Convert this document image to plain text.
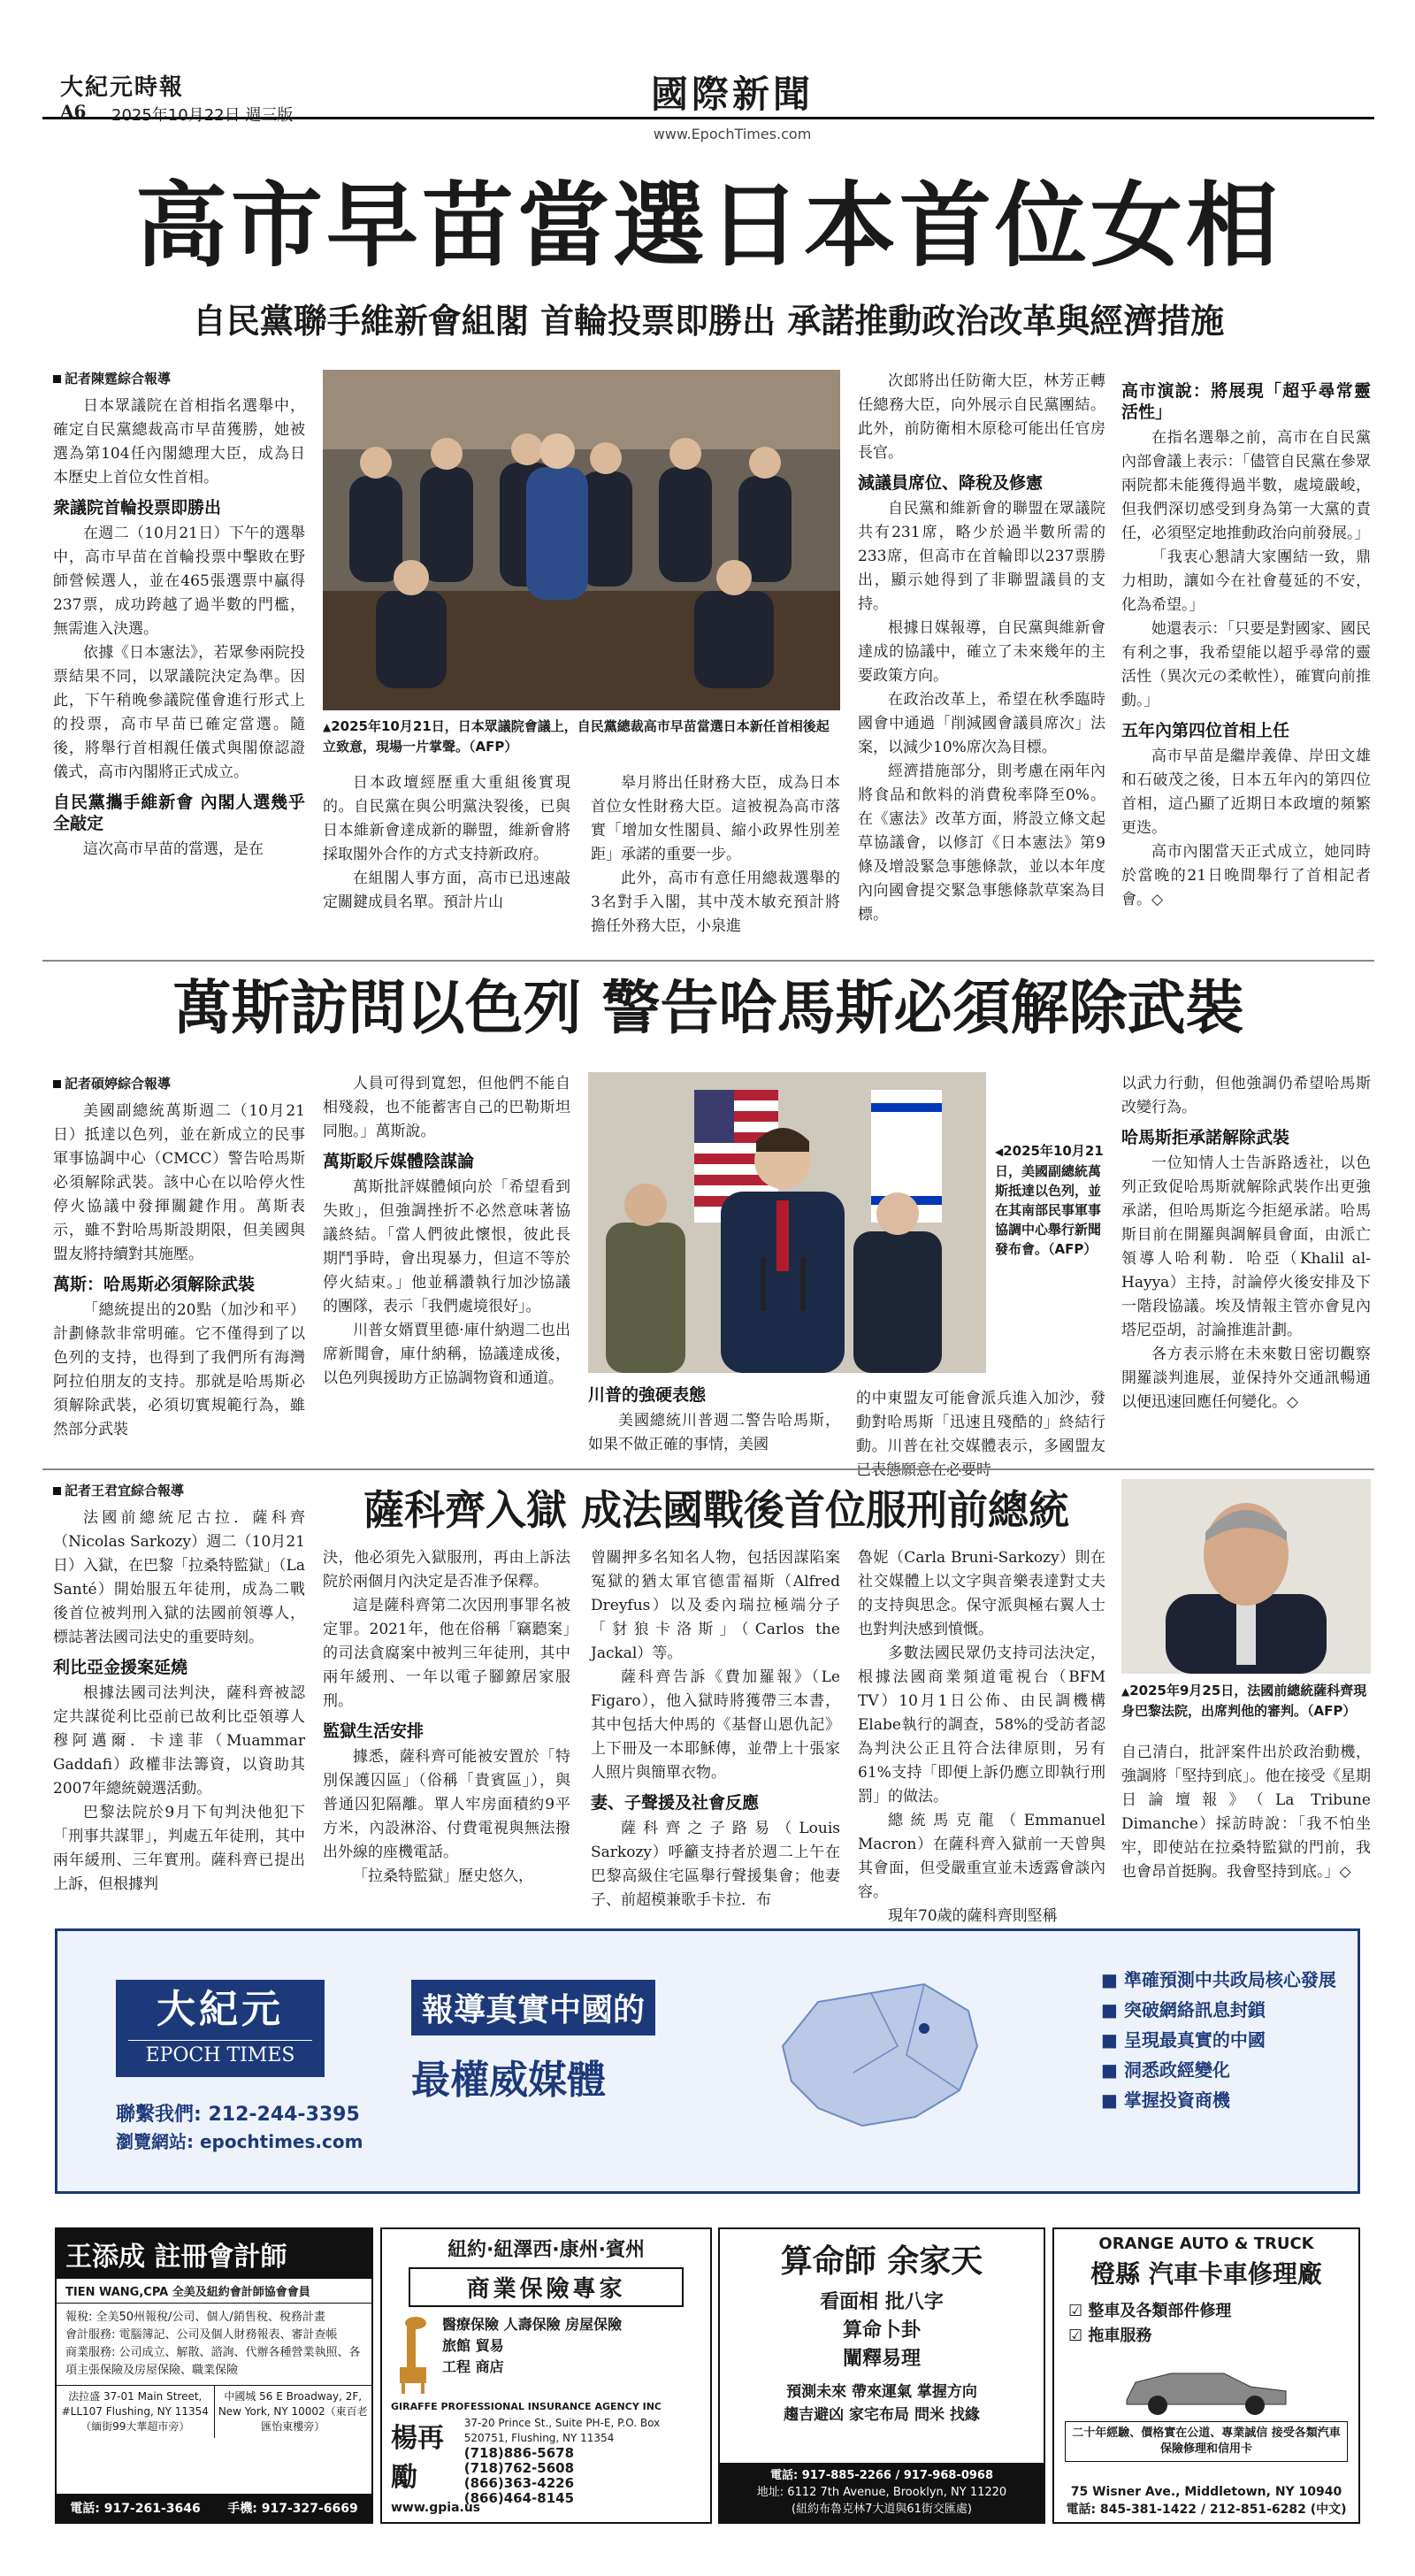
大紀元時報
A6 2025年10月22日 週三版	國際新聞
www.EpochTimes.com
高市早苗當選日本首位女相
自民黨聯手維新會組閣 首輪投票即勝出 承諾推動政治改革與經濟措施
記者陳霆綜合報導

日本眾議院在首相指名選舉中，確定自民黨總裁高市早苗獲勝，她被選為第104任內閣總理大臣，成為日本歷史上首位女性首相。

衆議院首輪投票即勝出

在週二（10月21日）下午的選舉中，高市早苗在首輪投票中擊敗在野師營候選人，並在465張選票中贏得237票，成功跨越了過半數的門檻，無需進入決選。

依據《日本憲法》，若眾參兩院投票結果不同，以眾議院決定為準。因此，下午稍晚參議院僅會進行形式上的投票，高市早苗已確定當選。隨後，將舉行首相親任儀式與閣僚認證儀式，高市內閣將正式成立。

自民黨攜手維新會 內閣人選幾乎全敲定

這次高市早苗的當選，是在

▲2025年10月21日，日本眾議院會議上，自民黨總裁高市早苗當選日本新任首相後起立致意，現場一片掌聲。（AFP）

日本政壇經歷重大重組後實現的。自民黨在與公明黨決裂後，已與日本維新會達成新的聯盟，維新會將採取閣外合作的方式支持新政府。

在組閣人事方面，高市已迅速敲定關鍵成員名單。預計片山

皋月將出任財務大臣，成為日本首位女性財務大臣。這被視為高市落實「增加女性閣員、縮小政界性別差距」承諾的重要一步。

此外，高市有意任用總裁選舉的3名對手入閣，其中茂木敏充預計將擔任外務大臣，小泉進

次郎將出任防衛大臣，林芳正轉任總務大臣，向外展示自民黨團結。此外，前防衛相木原稔可能出任官房長官。

減議員席位、降稅及修憲

自民黨和維新會的聯盟在眾議院共有231席，略少於過半數所需的233席，但高市在首輪即以237票勝出，顯示她得到了非聯盟議員的支持。

根據日媒報導，自民黨與維新會達成的協議中，確立了未來幾年的主要政策方向。

在政治改革上，希望在秋季臨時國會中通過「削減國會議員席次」法案，以減少10%席次為目標。

經濟措施部分，則考慮在兩年內將食品和飲料的消費稅率降至0%。在《憲法》改革方面，將設立條文起草協議會，以修訂《日本憲法》第9條及增設緊急事態條款，並以本年度內向國會提交緊急事態條款草案為目標。

高市演說：將展現「超乎尋常靈活性」

在指名選舉之前，高市在自民黨內部會議上表示：「儘管自民黨在參眾兩院都未能獲得過半數，處境嚴峻，但我們深切感受到身為第一大黨的責任，必須堅定地推動政治向前發展。」

「我衷心懇請大家團結一致，鼎力相助，讓如今在社會蔓延的不安，化為希望。」

她還表示：「只要是對國家、國民有利之事，我希望能以超乎尋常的靈活性（異次元の柔軟性），確實向前推動。」

五年內第四位首相上任

高市早苗是繼岸義偉、岸田文雄和石破茂之後，日本五年內的第四位首相，這凸顯了近期日本政壇的頻繁更迭。

高市內閣當天正式成立，她同時於當晚的21日晚間舉行了首相記者會。◇

萬斯訪問以色列 警告哈馬斯必須解除武裝
記者碩婷綜合報導

美國副總統萬斯週二（10月21日）抵達以色列，並在新成立的民事軍事協調中心（CMCC）警告哈馬斯必須解除武裝。該中心在以哈停火性停火協議中發揮關鍵作用。萬斯表示，雖不對哈馬斯設期限，但美國與盟友將持續對其施壓。

萬斯：哈馬斯必須解除武裝

「總統提出的20點（加沙和平）計劃條款非常明確。它不僅得到了以色列的支持，也得到了我們所有海灣阿拉伯朋友的支持。那就是哈馬斯必須解除武裝，必須切實規範行為，雖然部分武裝

人員可得到寬恕，但他們不能自相殘殺，也不能蓄害自己的巴勒斯坦同胞。」萬斯說。

萬斯駁斥媒體陰謀論

萬斯批評媒體傾向於「希望看到失敗」，但強調挫折不必然意味著協議終結。「當人們彼此懷恨，彼此長期鬥爭時，會出現暴力，但這不等於停火結束。」他並稱讚執行加沙協議的團隊，表示「我們處境很好」。

川普女婿賈里德·庫什納週二也出席新聞會，庫什納稱，協議達成後，以色列與援助方正協調物資和通道。

◀2025年10月21日，美國副總統萬斯抵達以色列，並在其南部民事軍事協調中心舉行新聞發布會。（AFP）
川普的強硬表態

美國總統川普週二警告哈馬斯，如果不做正確的事情，美國

的中東盟友可能會派兵進入加沙，發動對哈馬斯「迅速且殘酷的」終結行動。川普在社交媒體表示，多國盟友已表態願意在必要時

以武力行動，但他強調仍希望哈馬斯改變行為。

哈馬斯拒承諾解除武裝

一位知情人士告訴路透社，以色列正致促哈馬斯就解除武裝作出更強承諾，但哈馬斯迄今拒絕承諾。哈馬斯目前在開羅與調解員會面，由派亡領導人哈利勒．哈亞（Khalil al-Hayya）主持，討論停火後安排及下一階段協議。埃及情報主管亦會見內塔尼亞胡，討論推進計劃。

各方表示將在未來數日密切觀察開羅談判進展，並保持外交通訊暢通以便迅速回應任何變化。◇

記者王君宜綜合報導

法國前總統尼古拉．薩科齊（Nicolas Sarkozy）週二（10月21日）入獄，在巴黎「拉桑特監獄」（La Santé）開始服五年徒刑，成為二戰後首位被判刑入獄的法國前領導人，標誌著法國司法史的重要時刻。

利比亞金援案延燒

根據法國司法判決，薩科齊被認定共謀從利比亞前已故利比亞領導人穆阿邁爾．卡達菲（Muammar Gaddafi）政權非法籌資，以資助其2007年總統競選活動。

巴黎法院於9月下旬判決他犯下「刑事共謀罪」，判處五年徒刑，其中兩年緩刑、三年實刑。薩科齊已提出上訴，但根據判

薩科齊入獄 成法國戰後首位服刑前總統

決，他必須先入獄服刑，再由上訴法院於兩個月內決定是否准予保釋。

這是薩科齊第二次因刑事罪名被定罪。2021年，他在俗稱「竊聽案」的司法貪腐案中被判三年徒刑，其中兩年緩刑、一年以電子腳鐐居家服刑。

監獄生活安排

據悉，薩科齊可能被安置於「特別保護囚區」（俗稱「貴賓區」），與普通囚犯隔離。單人牢房面積約9平方米，內設淋浴、付費電視與無法撥出外線的座機電話。

「拉桑特監獄」歷史悠久，

曾關押多名知名人物，包括因謀陷案冤獄的猶太軍官德雷福斯（Alfred Dreyfus）以及委內瑞拉極端分子「豺狼卡洛斯」（Carlos the Jackal）等。

薩科齊告訴《費加羅報》（Le Figaro），他入獄時將獲帶三本書，其中包括大仲馬的《基督山恩仇記》上下冊及一本耶穌傳，並帶上十張家人照片與簡單衣物。

妻、子聲援及社會反應

薩科齊之子路易（Louis Sarkozy）呼籲支持者於週二上午在巴黎高級住宅區舉行聲援集會；他妻子、前超模兼歌手卡拉．布

魯妮（Carla Bruni-Sarkozy）則在社交媒體上以文字與音樂表達對丈夫的支持與思念。保守派與極右翼人士也對判決感到憤慨。

多數法國民眾仍支持司法決定，根據法國商業頻道電視台（BFM TV）10月1日公佈、由民調機構Elabe執行的調查，58%的受訪者認為判決公正且符合法律原則，另有61%支持「即便上訴仍應立即執行刑罰」的做法。

總統馬克龍（Emmanuel Macron）在薩科齊入獄前一天曾與其會面，但受嚴重宣並未透露會談內容。

現年70歲的薩科齊則堅稱

▲2025年9月25日，法國前總統薩科齊現身巴黎法院，出席判他的審判。（AFP）

自己清白，批評案件出於政治動機，強調將「堅持到底」。他在接受《星期日論壇報》（La Tribune Dimanche）採訪時說：「我不怕坐牢，即使站在拉桑特監獄的門前，我也會昂首挺胸。我會堅持到底。」◇

大紀元
EPOCH TIMES
聯繫我們: 212-244-3395
瀏覽網站: epochtimes.com
報導真實中國的
最權威媒體
■ 準確預測中共政局核心發展
■ 突破網絡訊息封鎖
■ 呈現最真實的中國
■ 洞悉政經變化
■ 掌握投資商機
王添成 註冊會計師
TIEN WANG,CPA 全美及紐約會計師協會會員
報稅: 全美50州報稅/公司、個人/銷售稅、稅務計畫
會計服務: 電腦簿記、公司及個人財務報表、審計查帳
商業服務: 公司成立、解散、諮詢、代辦各種營業執照、各項主張保險及房屋保險、職業保險
法拉盛 37-01 Main Street, #LL107 Flushing, NY 11354（緬街99大華超市旁）
中國城 56 E Broadway, 2F, New York, NY 10002（東百老匯怡東樓旁）
電話: 917-261-3646	手機: 917-327-6669
紐約·紐澤西·康州·賓州
商業保險專家
醫療保險 人壽保險 房屋保險
旅館 貿易
工程 商店
GIRAFFE PROFESSIONAL INSURANCE AGENCY INC
楊再勵
37-20 Prince St., Suite PH-E, P.O. Box 520751, Flushing, NY 11354
(718)886-5678
(718)762-5608
(866)363-4226
(866)464-8145
www.gpia.us
算命師 余家天
看面相 批八字
算命卜卦
闡釋易理
預測未來 帶來運氣 掌握方向
趨吉避凶 家宅布局 問米 找緣
電話: 917-885-2266 / 917-968-0968
地址: 6112 7th Avenue, Brooklyn, NY 11220
(紐約布魯克林7大道與61街交匯處)
ORANGE AUTO & TRUCK
橙縣 汽車卡車修理廠
☑ 整車及各類部件修理
☑ 拖車服務
二十年經驗、價格實在公道、專業誠信 接受各類汽車保險修理和信用卡
75 Wisner Ave., Middletown, NY 10940
電話: 845-381-1422 / 212-851-6282 (中文)
